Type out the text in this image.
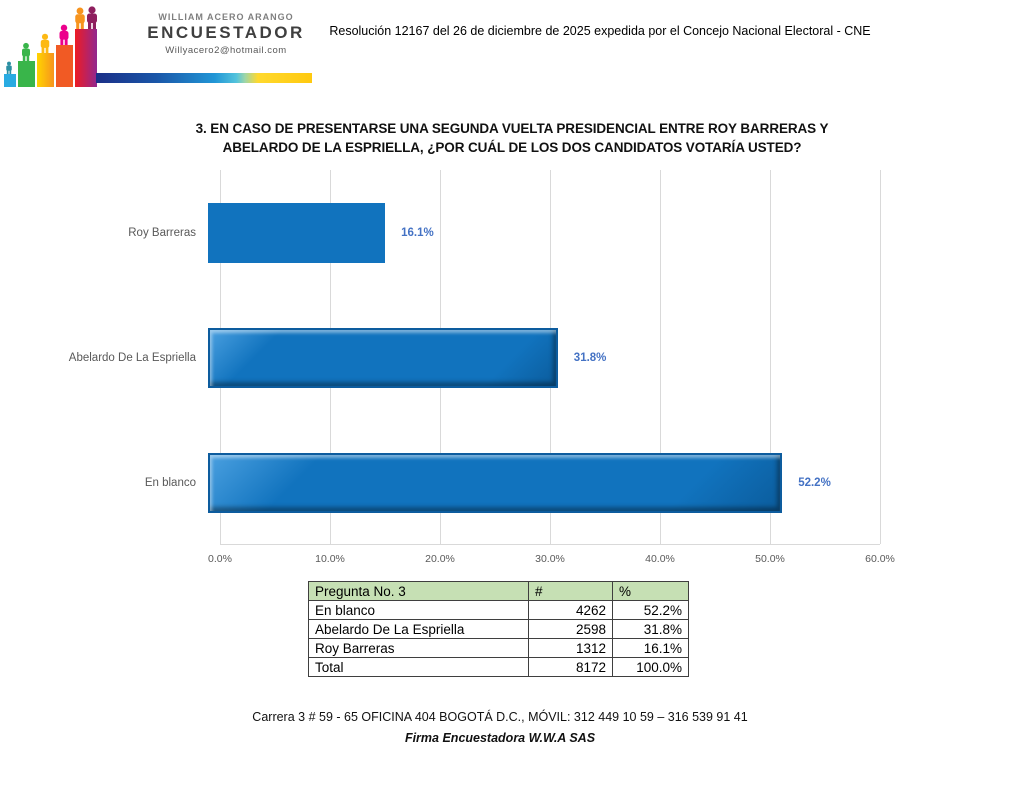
WILLIAM ACERO ARANGO
ENCUESTADOR
Willyacero2@hotmail.com
Resolución 12167 del 26 de diciembre de 2025 expedida por el Concejo Nacional Electoral - CNE
3. EN CASO DE PRESENTARSE UNA SEGUNDA VUELTA PRESIDENCIAL ENTRE ROY BARRERAS Y
ABELARDO DE LA ESPRIELLA, ¿POR CUÁL DE LOS DOS CANDIDATOS VOTARÍA USTED?
Roy Barreras	16.1%
Abelardo De La Espriella	31.8%
En blanco	52.2%
0.0%	10.0%	20.0%	30.0%	40.0%	50.0%	60.0%
Pregunta No. 3	#	%
En blanco	4262	52.2%
Abelardo De La Espriella	2598	31.8%
Roy Barreras	1312	16.1%
Total	8172	100.0%
Carrera 3 # 59 - 65 OFICINA 404 BOGOTÁ D.C., MÓVIL: 312 449 10 59 – 316 539 91 41
Firma Encuestadora W.W.A SAS
